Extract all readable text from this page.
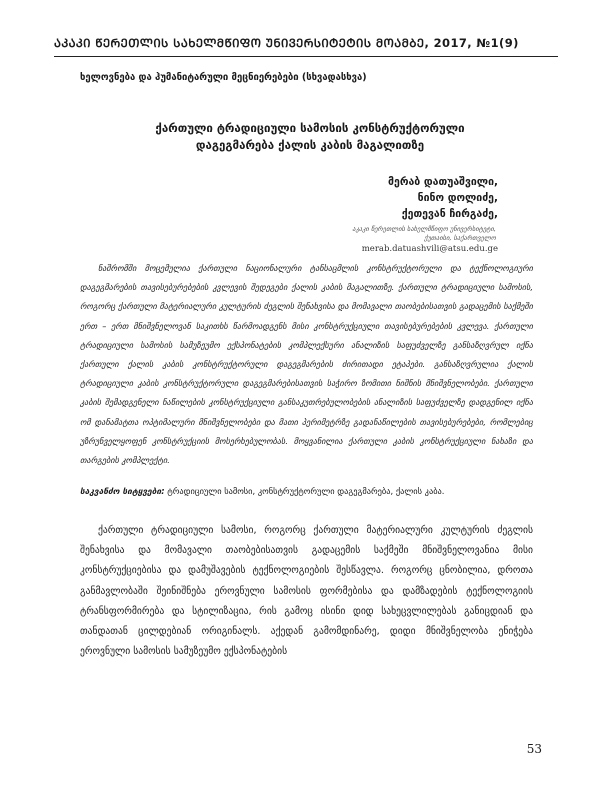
ᲐᲙᲐᲙᲘ ᲬᲔᲠᲔᲗᲚᲘᲡ ᲡᲐᲮᲔᲚᲛᲬᲘᲤᲝ ᲣᲜᲘᲕᲔᲠᲡᲘᲢᲔᲢᲘᲡ ᲛᲝᲐᲛᲑᲔ, 2017, №1(9)
ხელოვნება და ჰუმანიტარული მეცნიერებები (სხვადასხვა)
ქართული ტრადიციული სამოსის კონსტრუქტორული
დაგეგმარება ქალის კაბის მაგალითზე
მერაბ დათუაშვილი,
ნინო დოლიძე,
ქეთევან ჩირგაძე,
აკაკი წერეთლის სახელმწიფო უნივერსიტეტი,
ქუთაისი, საქართველო
merab.datuashvili@atsu.edu.ge
ნაშრომში მოცემულია ქართული ნაციონალური ტანსაცმლის კონსტრუქტორული და ტექნოლოგიური დაგეგმარების თავისებურებების კვლევის შედეგები ქალის კაბის მაგალითზე. ქართული ტრადიციული სამოსის, როგორც ქართული მატერიალური კულტურის ძეგლის შენახვისა და მომავალი თაობებისათვის გადაცემის საქმეში ერთ – ერთ მნიშვნელოვან საკითხს წარმოადგენს მისი კონსტრუქციული თავისებურებების კვლევა. ქართული ტრადიციული სამოსის სამუზეუმო ექსპონატების კომპლექსური ანალიზის საფუძველზე განსაზღვრულ იქნა ქართული ქალის კაბის კონსტრუქტორული დაგეგმარების ძირითადი ეტაპები. განსაზღვრულია ქალის ტრადიციული კაბის კონსტრუქტორული დაგეგმარებისათვის საჭირო ზომითი ნიშნის მნიშვნელობები. ქართული კაბის შემადგენელი ნაწილების კონსტრუქციული განსაკუთრებულობების ანალიზის საფუძველზე დადგენილ იქნა ომ დანამატთა ოპტიმალური მნიშვნელობები და მათი პერიმეტრზე გადანაწილების თავისებურებები, რომლებიც უზრუნველყოფენ კონსტრუქციის მოსერხებულობას. მოყვანილია ქართული კაბის კონსტრუქციული ნახაზი და თარგების კომპლექტი.
საკვანძო სიტყვები: ტრადიციული სამოსი, კონსტრუქტორული დაგეგმარება, ქალის კაბა.
ქართული ტრადიციული სამოსი, როგორც ქართული მატერიალური კულტურის ძეგლის შენახვისა და მომავალი თაობებისათვის გადაცემის საქმეში მნიშვნელოვანია მისი კონსტრუქციებისა და დამუშავების ტექნოლოგიების შესწავლა. როგორც ცნობილია, დროთა განმავლობაში შეინიშნება ეროვნული სამოსის ფორმებისა და დამზადების ტექნოლოგიის ტრანსფორმირება და სტილიზაცია, რის გამოც ისინი დიდ სახეცვლილებას განიცდიან და თანდათან ცილდებიან ორიგინალს. აქედან გამომდინარე, დიდი მნიშვნელობა ენიჭება ეროვნული სამოსის სამუზეუმო ექსპონატების
53
